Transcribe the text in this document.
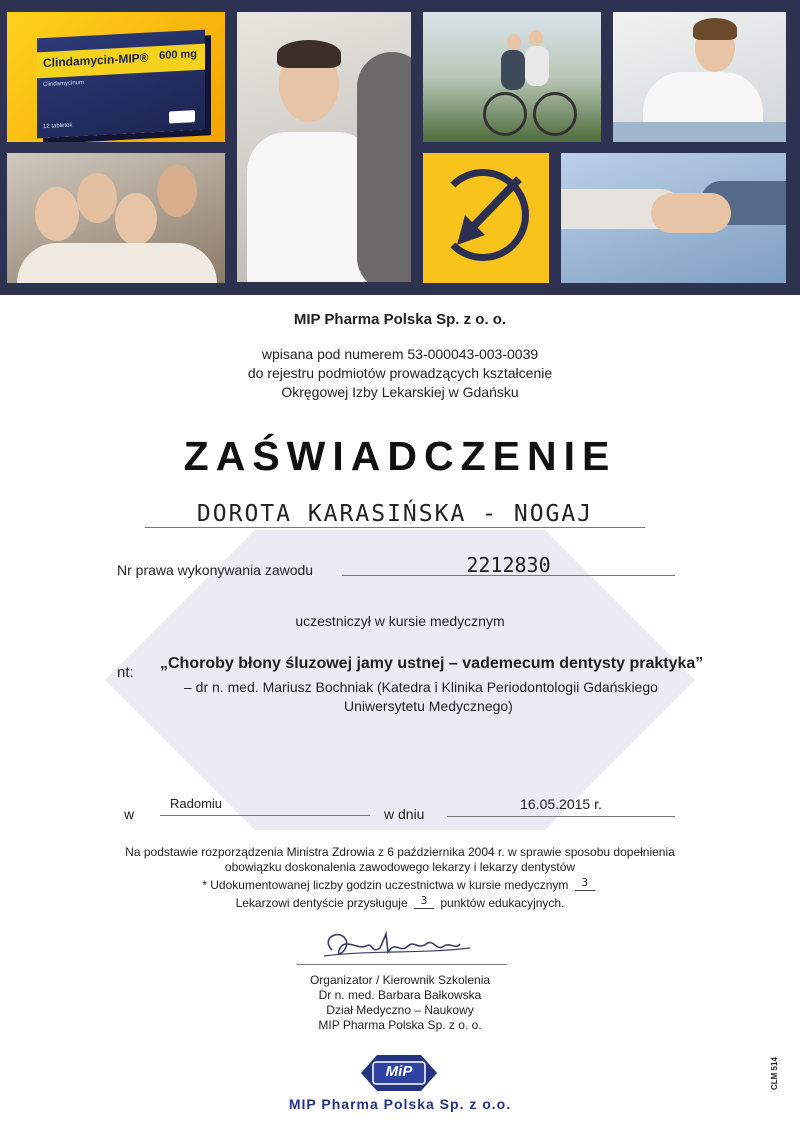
Clindamycin-MIP® 600 mg
Clindamycinum
12 tabletek
MIP Pharma Polska Sp. z o. o.
wpisana pod numerem 53-000043-003-0039
do rejestru podmiotów prowadzących kształcenie
Okręgowej Izby Lekarskiej w Gdańsku
ZAŚWIADCZENIE
DOROTA KARASIŃSKA - NOGAJ
Nr prawa wykonywania zawodu	2212830
uczestniczył w kursie medycznym
nt:
„Choroby błony śluzowej jamy ustnej – vademecum dentysty praktyka”
– dr n. med. Mariusz Bochniak (Katedra i Klinika Periodontologii Gdańskiego
Uniwersytetu Medycznego)
w
Radomiu
w dniu
16.05.2015 r.
Na podstawie rozporządzenia Ministra Zdrowia z 6 października 2004 r. w sprawie sposobu dopełnienia
obowiązku doskonalenia zawodowego lekarzy i lekarzy dentystów
* Udokumentowanej liczby godzin uczestnictwa w kursie medycznym 3
Lekarzowi dentyście przysługuje 3 punktów edukacyjnych.
Organizator / Kierownik Szkolenia
Dr n. med. Barbara Bałkowska
Dział Medyczno – Naukowy
MIP Pharma Polska Sp. z o. o.
MiP
MIP Pharma Polska Sp. z o.o.
CLM 514
